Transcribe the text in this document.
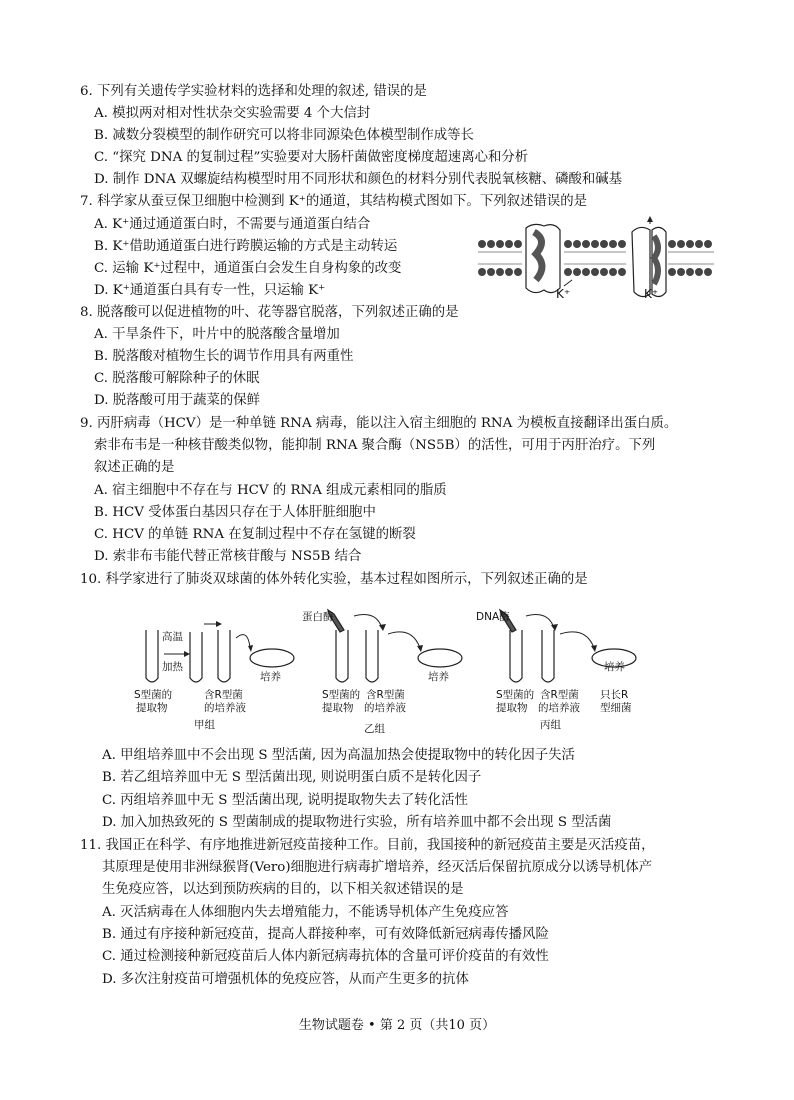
6. 下列有关遗传学实验材料的选择和处理的叙述, 错误的是
A. 模拟两对相对性状杂交实验需要 4 个大信封
B. 减数分裂模型的制作研究可以将非同源染色体模型制作成等长
C. “探究 DNA 的复制过程”实验要对大肠杆菌做密度梯度超速离心和分析
D. 制作 DNA 双螺旋结构模型时用不同形状和颜色的材料分别代表脱氧核糖、磷酸和碱基
7. 科学家从蚕豆保卫细胞中检测到 K⁺的通道，其结构模式图如下。下列叙述错误的是
A. K⁺通过通道蛋白时，不需要与通道蛋白结合
B. K⁺借助通道蛋白进行跨膜运输的方式是主动转运
C. 运输 K⁺过程中，通道蛋白会发生自身构象的改变
D. K⁺通道蛋白具有专一性，只运输 K⁺	K⁺	K⁺
8. 脱落酸可以促进植物的叶、花等器官脱落，下列叙述正确的是
A. 干旱条件下，叶片中的脱落酸含量增加
B. 脱落酸对植物生长的调节作用具有两重性
C. 脱落酸可解除种子的休眠
D. 脱落酸可用于蔬菜的保鲜
9. 丙肝病毒（HCV）是一种单链 RNA 病毒，能以注入宿主细胞的 RNA 为模板直接翻译出蛋白质。
索非布韦是一种核苷酸类似物，能抑制 RNA 聚合酶（NS5B）的活性，可用于丙肝治疗。下列
叙述正确的是
A. 宿主细胞中不存在与 HCV 的 RNA 组成元素相同的脂质
B. HCV 受体蛋白基因只存在于人体肝脏细胞中
C. HCV 的单链 RNA 在复制过程中不存在氢键的断裂
D. 索非布韦能代替正常核苷酸与 NS5B 结合
10. 科学家进行了肺炎双球菌的体外转化实验，基本过程如图所示，下列叙述正确的是
高温
加热
S型菌的
提取物
含R型菌
的培养液
培养
甲组
蛋白酶
S型菌的
提取物
含R型菌
的培养液
培养
乙组
DNA酶
S型菌的
提取物
含R型菌
的培养液
培养
只长R
型细菌
丙组
A. 甲组培养皿中不会出现 S 型活菌, 因为高温加热会使提取物中的转化因子失活
B. 若乙组培养皿中无 S 型活菌出现, 则说明蛋白质不是转化因子
C. 丙组培养皿中无 S 型活菌出现, 说明提取物失去了转化活性
D. 加入加热致死的 S 型菌制成的提取物进行实验，所有培养皿中都不会出现 S 型活菌
11. 我国正在科学、有序地推进新冠疫苗接种工作。目前，我国接种的新冠疫苗主要是灭活疫苗，
其原理是使用非洲绿猴肾(Vero)细胞进行病毒扩增培养，经灭活后保留抗原成分以诱导机体产
生免疫应答，以达到预防疾病的目的，以下相关叙述错误的是
A. 灭活病毒在人体细胞内失去增殖能力，不能诱导机体产生免疫应答
B. 通过有序接种新冠疫苗，提高人群接种率，可有效降低新冠病毒传播风险
C. 通过检测接种新冠疫苗后人体内新冠病毒抗体的含量可评价疫苗的有效性
D. 多次注射疫苗可增强机体的免疫应答，从而产生更多的抗体
生物试题卷 • 第 2 页（共10 页）
